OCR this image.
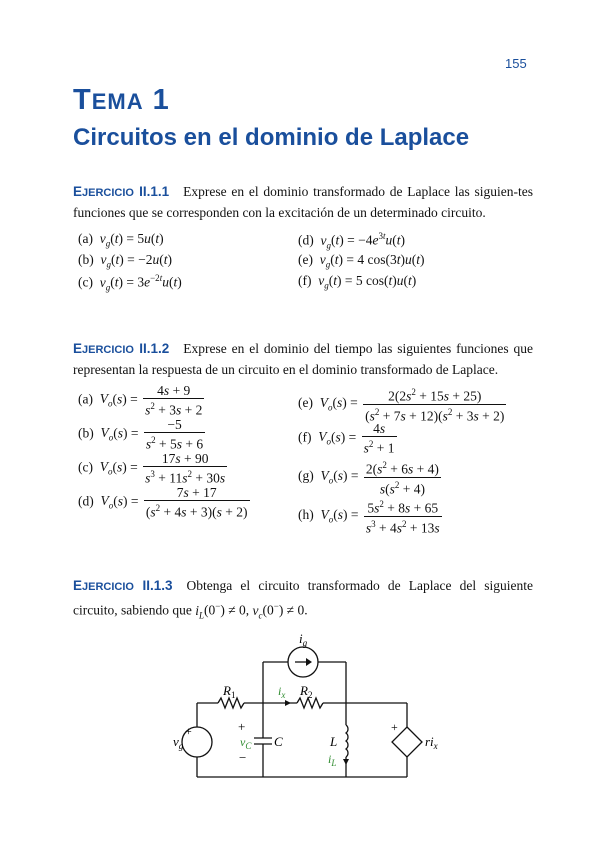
155
TEMA 1
Circuitos en el dominio de Laplace
EJERCICIO II.1.1 Exprese en el dominio transformado de Laplace las siguien-tes funciones que se corresponden con la excitación de un determinado circuito.
(a) $v_g(t) = 5u(t)$
(b) $v_g(t) = -2u(t)$
(c) $v_g(t) = 3e^{-2t}u(t)$
(d) $v_g(t) = -4e^{3t}u(t)$
(e) $v_g(t) = 4$ cos(3t)u(t)
(f) $v_g(t) = 5$ cos(t)u(t)
EJERCICIO II.1.2 Exprese en el dominio del tiempo las siguientes funciones que representan la respuesta de un circuito en el dominio transformado de Laplace.
(a) $V_o(s) = \frac{4s + 9}{s^2 + 3s + 2}$
(b) $V_o(s) = \frac{-5}{s^2 + 5s + 6}$
(c) $V_o(s) = \frac{17s + 90}{s^3 + 11s^2 + 30s}$
(d) $V_o(s) = \frac{7s + 17}{(s^2 + 4s + 3)(s + 2)}$
(e) $V_o(s) = \frac{2(2s^2 + 15s + 25)}{(s^2 + 7s + 12)(s^2 + 3s + 2)}$
(f) $V_o(s) = \frac{4s}{s^2 + 1}$
(g) $V_o(s) = \frac{2(s^2 + 6s + 4)}{s(s^2 + 4)}$
(h) $V_o(s) = \frac{5s^2 + 8s + 65}{s^3 + 4s^2 + 13s}$
EJERCICIO II.1.3 Obtenga el circuito transformado de Laplace del siguiente circuito, sabiendo que $i_L(0^-) \ne 0$, $v_c(0^-) \ne 0$.
$i_g$
$R_1$	$R_2$
$i_x$
$v_g$
+	+
$v_C$
−
C	L
$i_L$
+
$ri_x$
